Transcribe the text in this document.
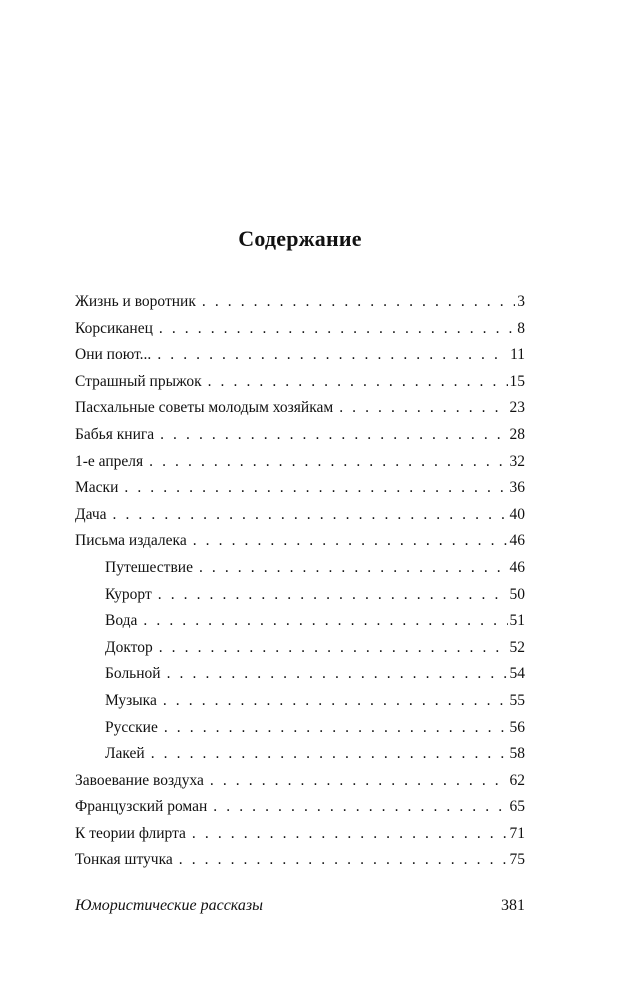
Содержание
Жизнь и воротник . . .	3
Корсиканец . . .	8
Они поют... . . .	11
Страшный прыжок . . .	15
Пасхальные советы молодым хозяйкам . . .	23
Бабья книга . . .	28
1-е апреля . . .	32
Маски . . .	36
Дача . . .	40
Письма издалека . . .	46
Путешествие . . .	46
Курорт . . .	50
Вода . . .	51
Доктор . . .	52
Больной . . .	54
Музыка . . .	55
Русские . . .	56
Лакей . . .	58
Завоевание воздуха . . .	62
Французский роман . . .	65
К теории флирта . . .	71
Тонкая штучка . . .	75
Юмористические рассказы	381
